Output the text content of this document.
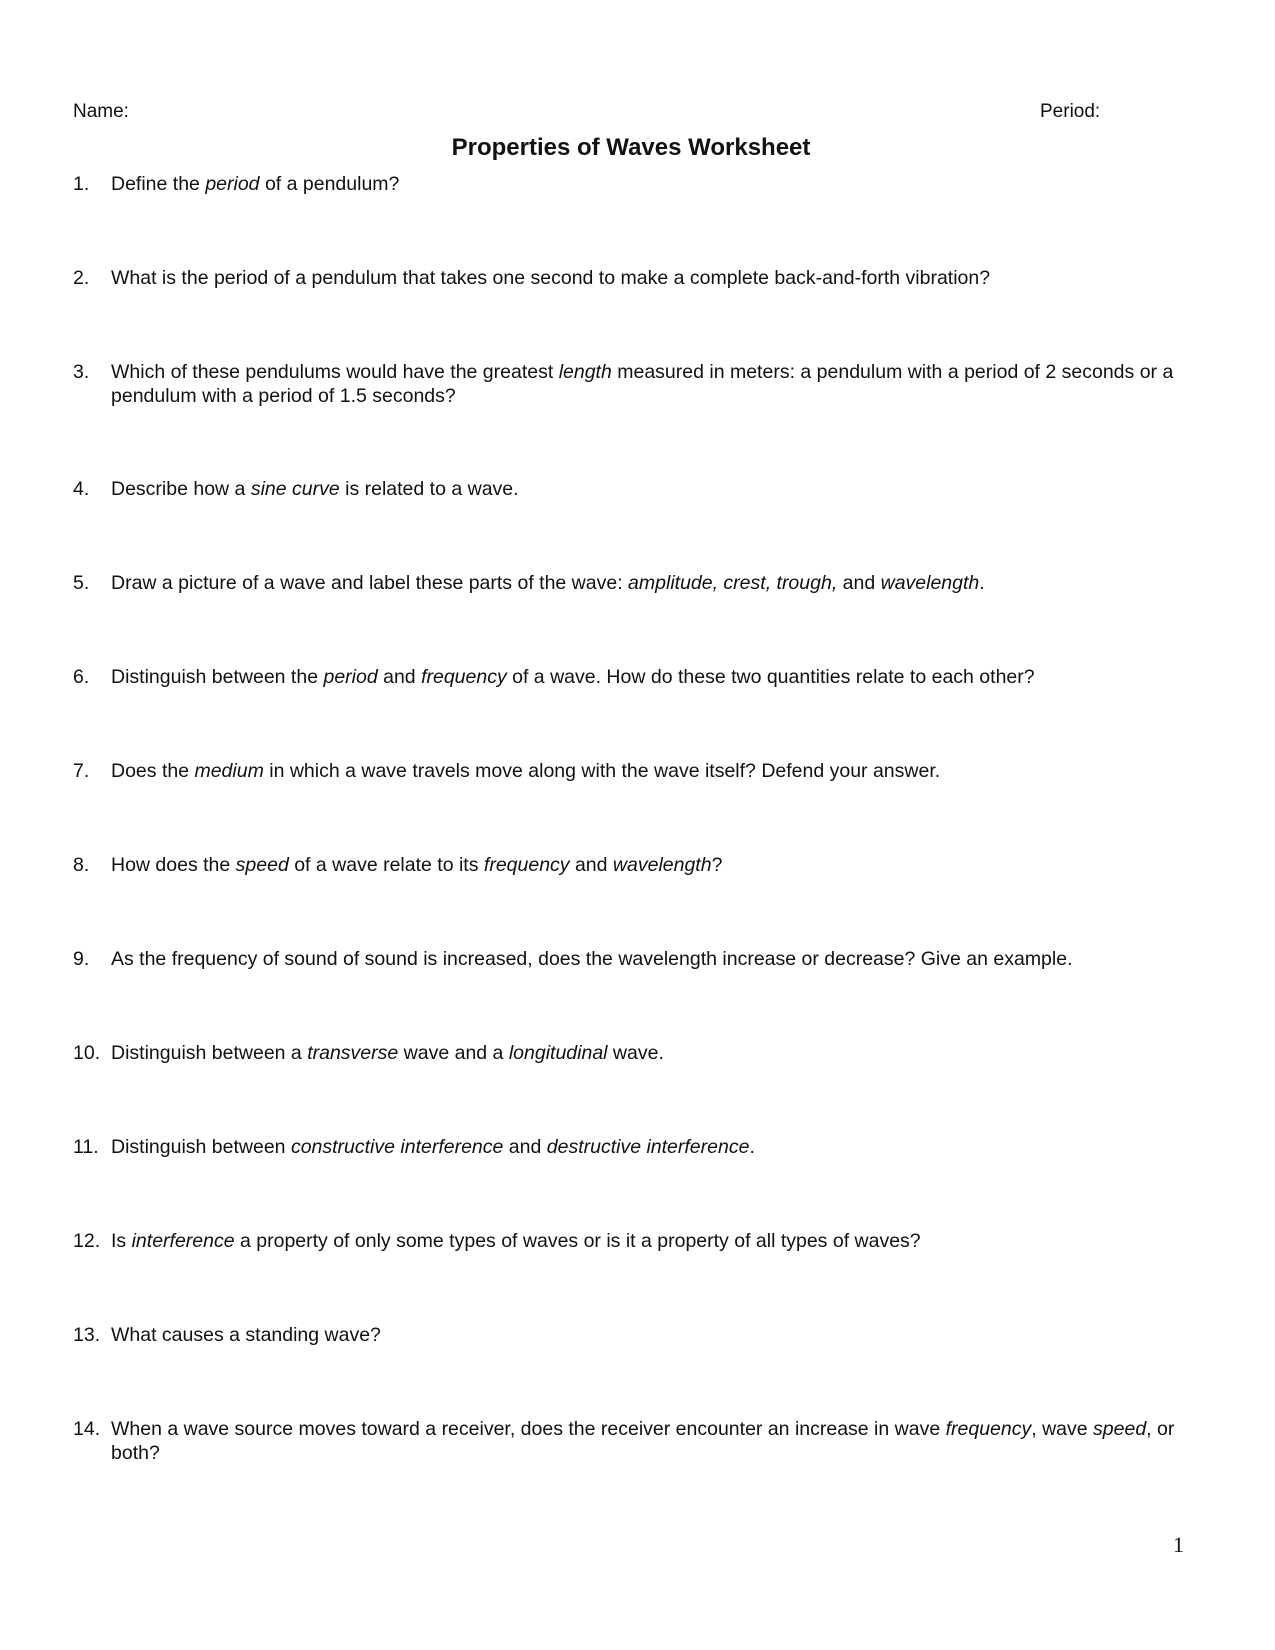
Name:	Period:
Properties of Waves Worksheet
1. Define the period of a pendulum?
2. What is the period of a pendulum that takes one second to make a complete back-and-forth vibration?
3. Which of these pendulums would have the greatest length measured in meters: a pendulum with a period of 2 seconds or a pendulum with a period of 1.5 seconds?
4. Describe how a sine curve is related to a wave.
5. Draw a picture of a wave and label these parts of the wave: amplitude, crest, trough, and wavelength.
6. Distinguish between the period and frequency of a wave. How do these two quantities relate to each other?
7. Does the medium in which a wave travels move along with the wave itself? Defend your answer.
8. How does the speed of a wave relate to its frequency and wavelength?
9. As the frequency of sound of sound is increased, does the wavelength increase or decrease? Give an example.
10. Distinguish between a transverse wave and a longitudinal wave.
11. Distinguish between constructive interference and destructive interference.
12. Is interference a property of only some types of waves or is it a property of all types of waves?
13. What causes a standing wave?
14. When a wave source moves toward a receiver, does the receiver encounter an increase in wave frequency, wave speed, or both?
1
